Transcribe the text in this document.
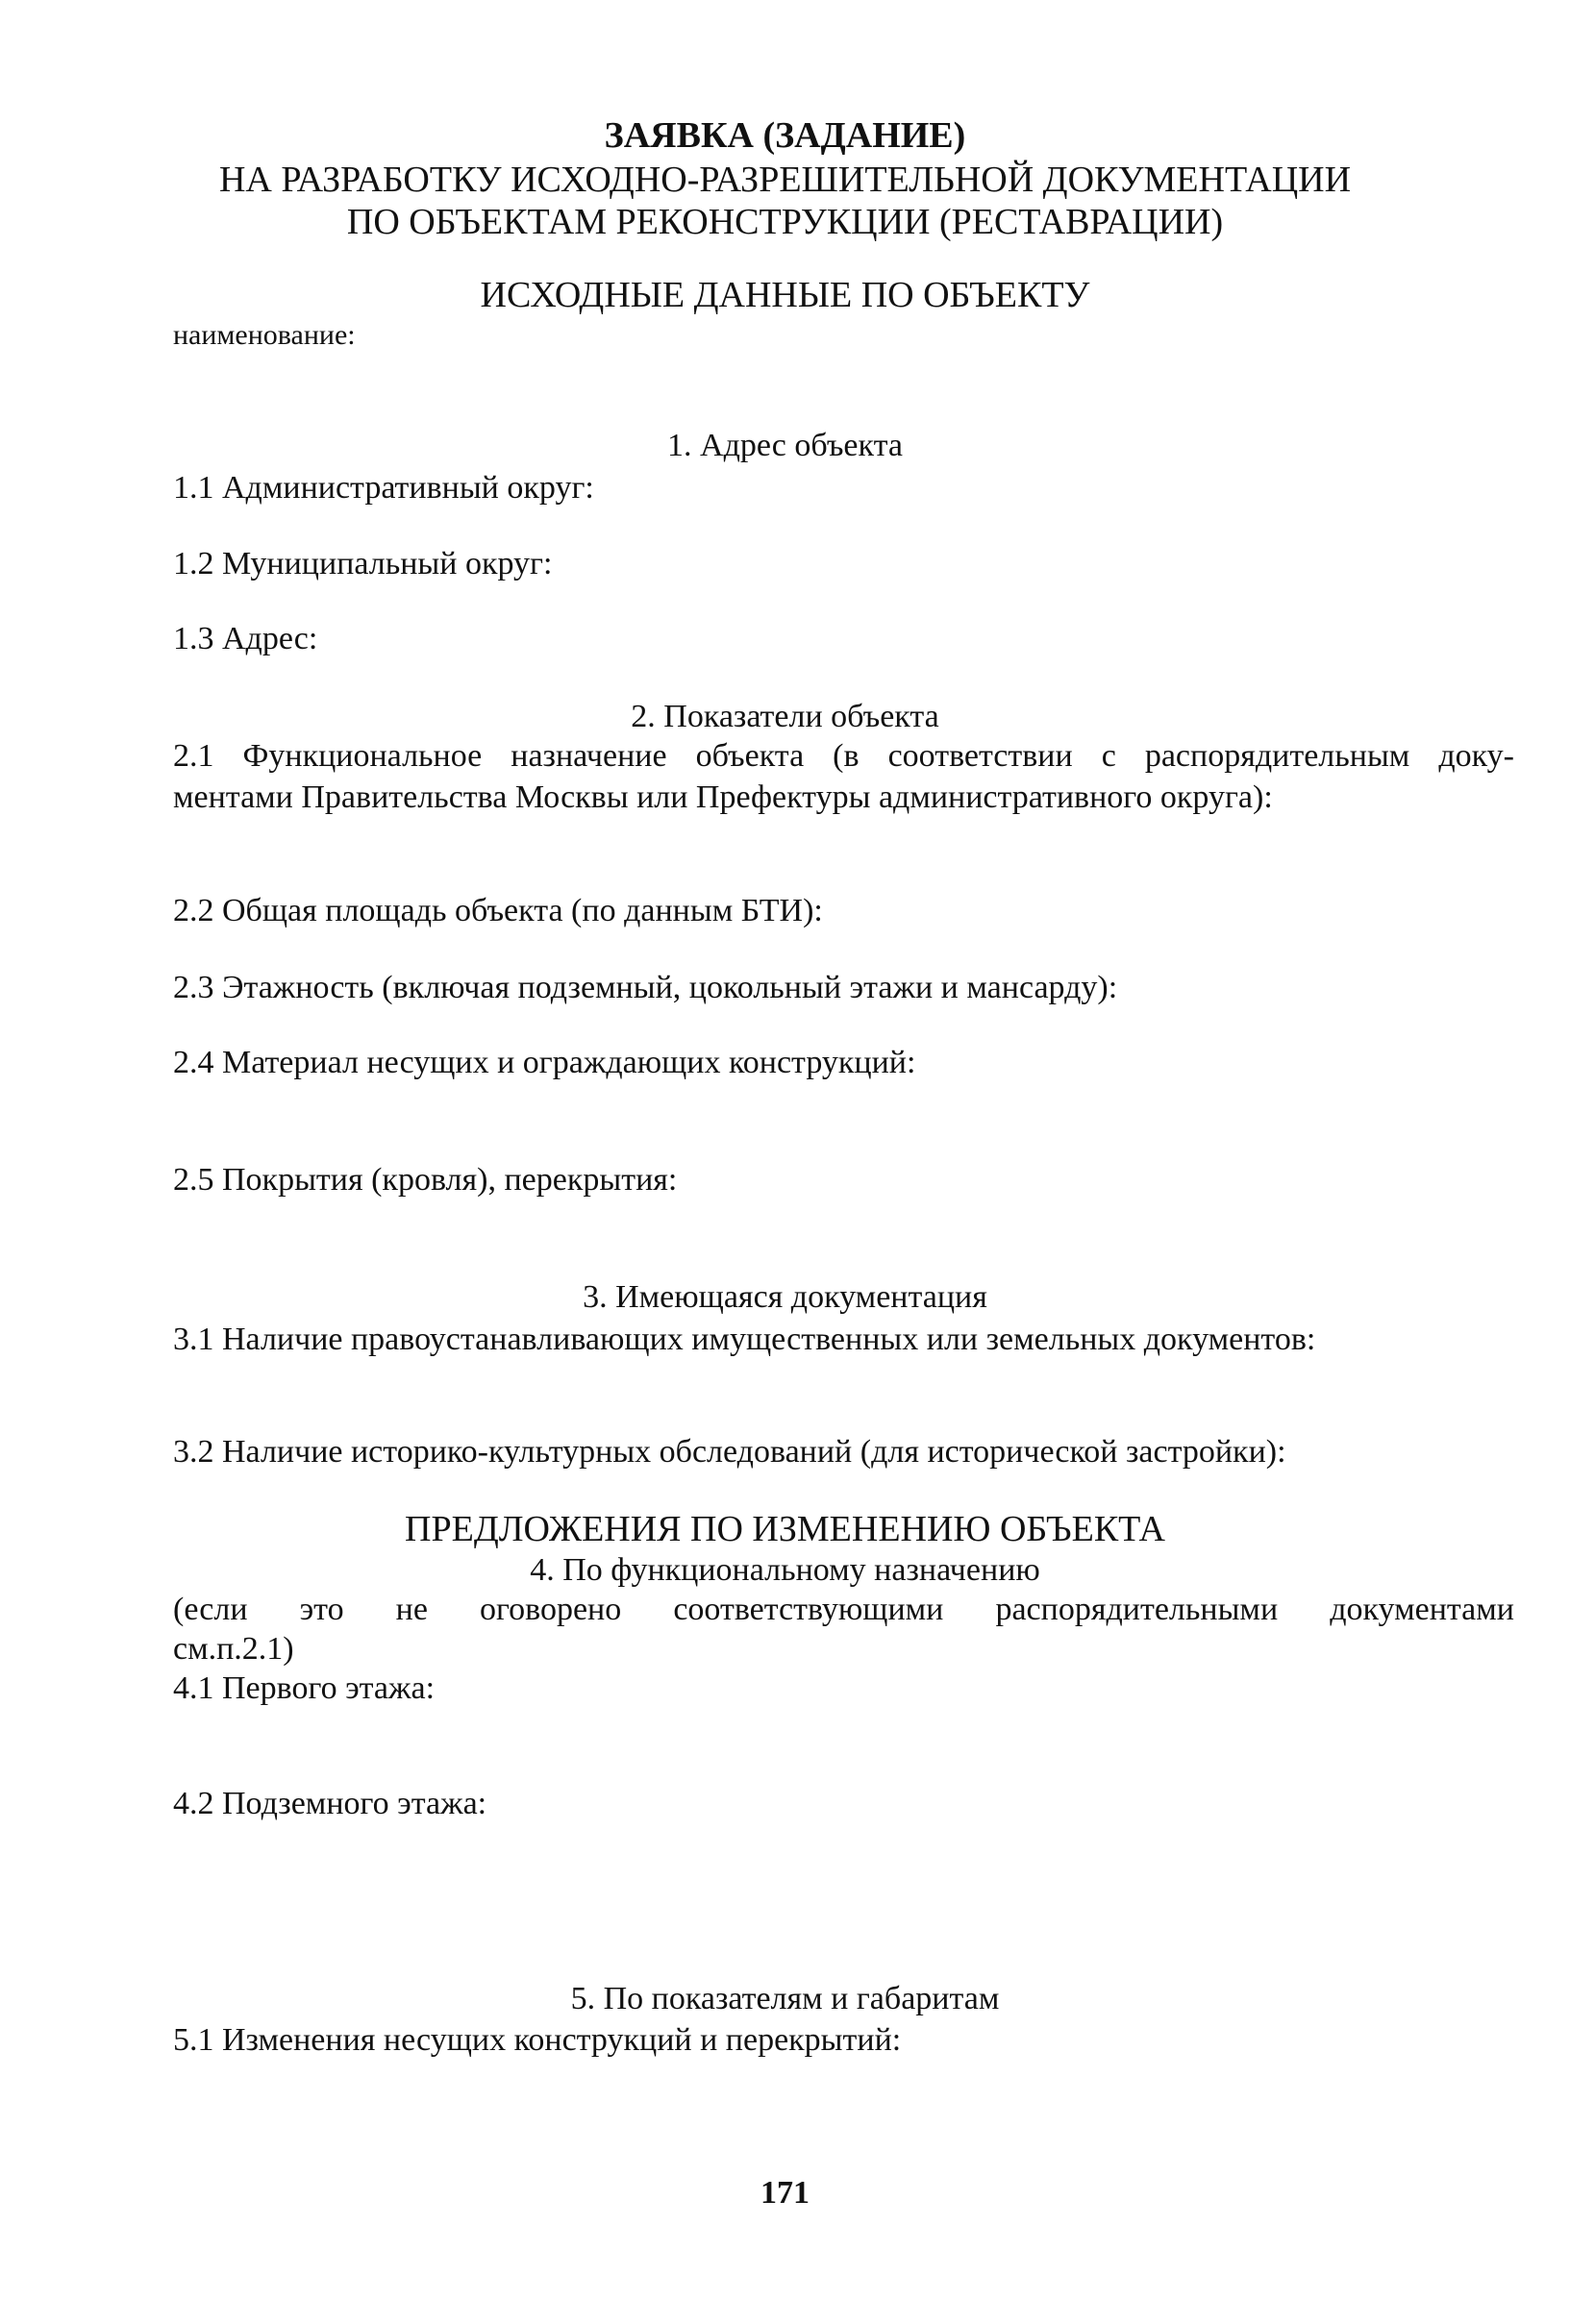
ЗАЯВКА (ЗАДАНИЕ)

НА РАЗРАБОТКУ ИСХОДНО-РАЗРЕШИТЕЛЬНОЙ ДОКУМЕНТАЦИИ

ПО ОБЪЕКТАМ РЕКОНСТРУКЦИИ (РЕСТАВРАЦИИ)

ИСХОДНЫЕ ДАННЫЕ ПО ОБЪЕКТУ

наименование:

1. Адрес объекта

1.1 Административный округ:

1.2 Муниципальный округ:

1.3 Адрес:

2. Показатели объекта

2.1 Функциональное назначение объекта (в соответствии с распорядительным доку-

ментами Правительства Москвы или Префектуры административного округа):

2.2 Общая площадь объекта (по данным БТИ):

2.3 Этажность (включая подземный, цокольный этажи и мансарду):

2.4 Материал несущих и ограждающих конструкций:

2.5 Покрытия (кровля), перекрытия:

3. Имеющаяся документация

3.1 Наличие правоустанавливающих имущественных или земельных документов:

3.2 Наличие историко-культурных обследований (для исторической застройки):

ПРЕДЛОЖЕНИЯ ПО ИЗМЕНЕНИЮ ОБЪЕКТА

4. По функциональному назначению

(если это не оговорено соответствующими распорядительными документами

см.п.2.1)

4.1 Первого этажа:

4.2 Подземного этажа:

5. По показателям и габаритам

5.1 Изменения несущих конструкций и перекрытий:

171
